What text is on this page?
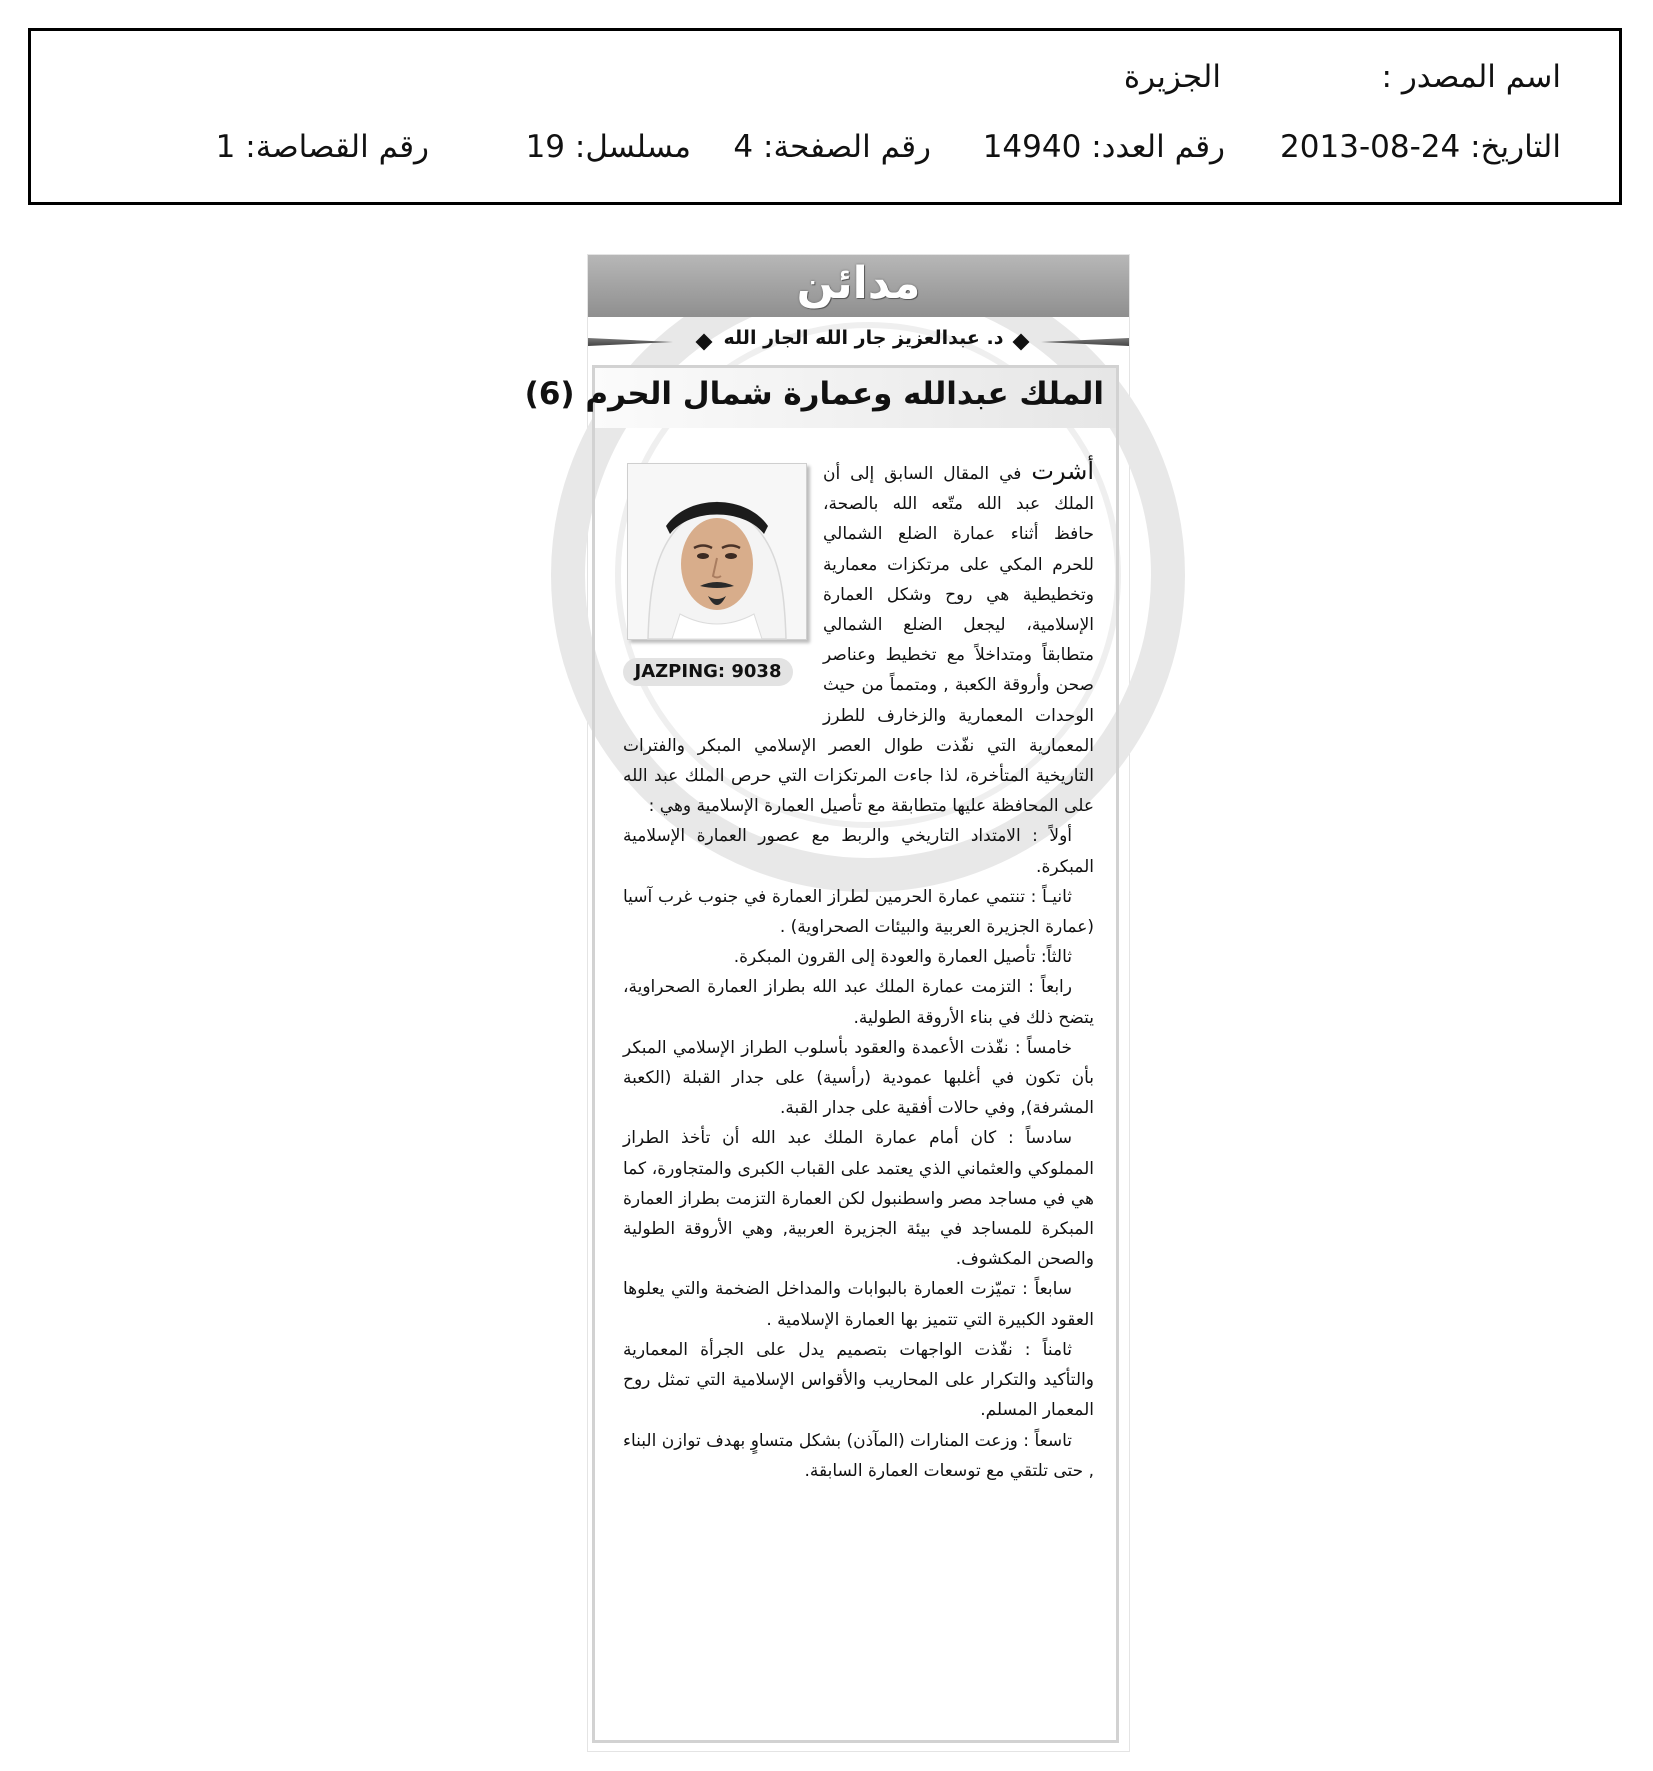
اسم المصدر :
الجزيرة
التاريخ: 2013-08-24
رقم العدد: 14940
رقم الصفحة: 4
مسلسل: 19
رقم القصاصة: 1
مدائن
د. عبدالعزيز جار الله الجار الله
الملك عبدالله وعمارة شمال الحرم (6)
JAZPING: 9038

أشرت في المقال السابق إلى أن الملك عبد الله متّعه الله بالصحة، حافظ أثناء عمارة الضلع الشمالي للحرم المكي على مرتكزات معمارية وتخطيطية هي روح وشكل العمارة الإسلامية، ليجعل الضلع الشمالي متطابقاً ومتداخلاً مع تخطيط وعناصر صحن وأروقة الكعبة , ومتمماً من حيث الوحدات المعمارية والزخارف للطرز المعمارية التي نفّذت طوال العصر الإسلامي المبكر والفترات التاريخية المتأخرة، لذا جاءت المرتكزات التي حرص الملك عبد الله على المحافظة عليها متطابقة مع تأصيل العمارة الإسلامية وهي :

أولاً : الامتداد التاريخي والربط مع عصور العمارة الإسلامية المبكرة.

ثانيـاً : تنتمي عمارة الحرمين لطراز العمارة في جنوب غرب آسيا (عمارة الجزيرة العربية والبيئات الصحراوية) .

ثالثاً: تأصيل العمارة والعودة إلى القرون المبكرة.

رابعاً : التزمت عمارة الملك عبد الله بطراز العمارة الصحراوية، يتضح ذلك في بناء الأروقة الطولية.

خامساً : نفّذت الأعمدة والعقود بأسلوب الطراز الإسلامي المبكر بأن تكون في أغلبها عمودية (رأسية) على جدار القبلة (الكعبة المشرفة), وفي حالات أفقية على جدار القبة.

سادساً : كان أمام عمارة الملك عبد الله أن تأخذ الطراز المملوكي والعثماني الذي يعتمد على القباب الكبرى والمتجاورة، كما هي في مساجد مصر واسطنبول لكن العمارة التزمت بطراز العمارة المبكرة للمساجد في بيئة الجزيرة العربية, وهي الأروقة الطولية والصحن المكشوف.

سابعاً : تميّزت العمارة بالبوابات والمداخل الضخمة والتي يعلوها العقود الكبيرة التي تتميز بها العمارة الإسلامية .

ثامناً : نفّذت الواجهات بتصميم يدل على الجرأة المعمارية والتأكيد والتكرار على المحاريب والأقواس الإسلامية التي تمثل روح المعمار المسلم.

تاسعاً : وزعت المنارات (المآذن) بشكل متساوٍ بهدف توازن البناء , حتى تلتقي مع توسعات العمارة السابقة.
